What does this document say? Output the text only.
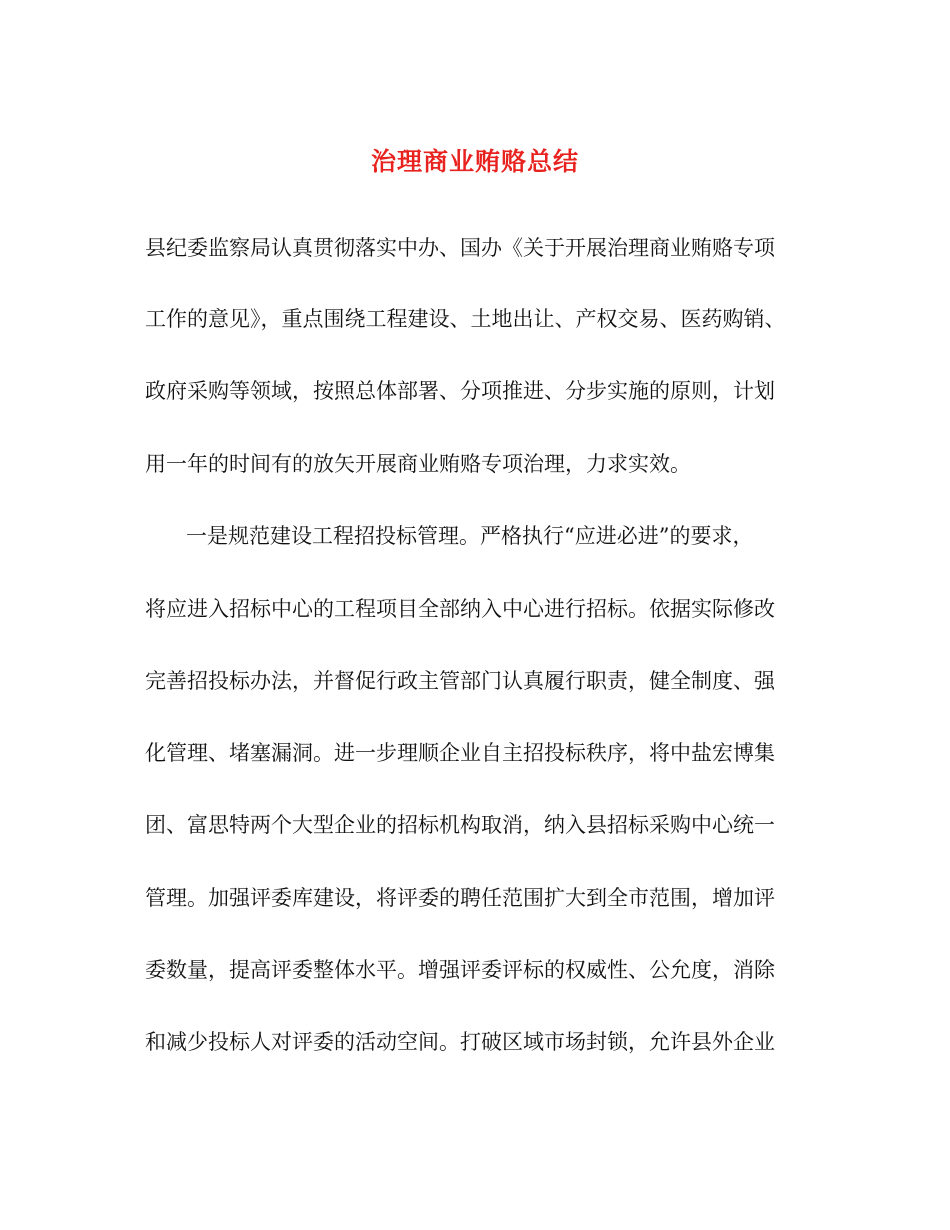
治理商业贿赂总结
县纪委监察局认真贯彻落实中办、国办《关于开展治理商业贿赂专项
工作的意见》，重点围绕工程建设、土地出让、产权交易、医药购销、
政府采购等领域，按照总体部署、分项推进、分步实施的原则，计划
用一年的时间有的放矢开展商业贿赂专项治理，力求实效。
一是规范建设工程招投标管理。严格执行“应进必进”的要求，
将应进入招标中心的工程项目全部纳入中心进行招标。依据实际修改
完善招投标办法，并督促行政主管部门认真履行职责，健全制度、强
化管理、堵塞漏洞。进一步理顺企业自主招投标秩序，将中盐宏博集
团、富思特两个大型企业的招标机构取消，纳入县招标采购中心统一
管理。加强评委库建设，将评委的聘任范围扩大到全市范围，增加评
委数量，提高评委整体水平。增强评委评标的权威性、公允度，消除
和减少投标人对评委的活动空间。打破区域市场封锁，允许县外企业
